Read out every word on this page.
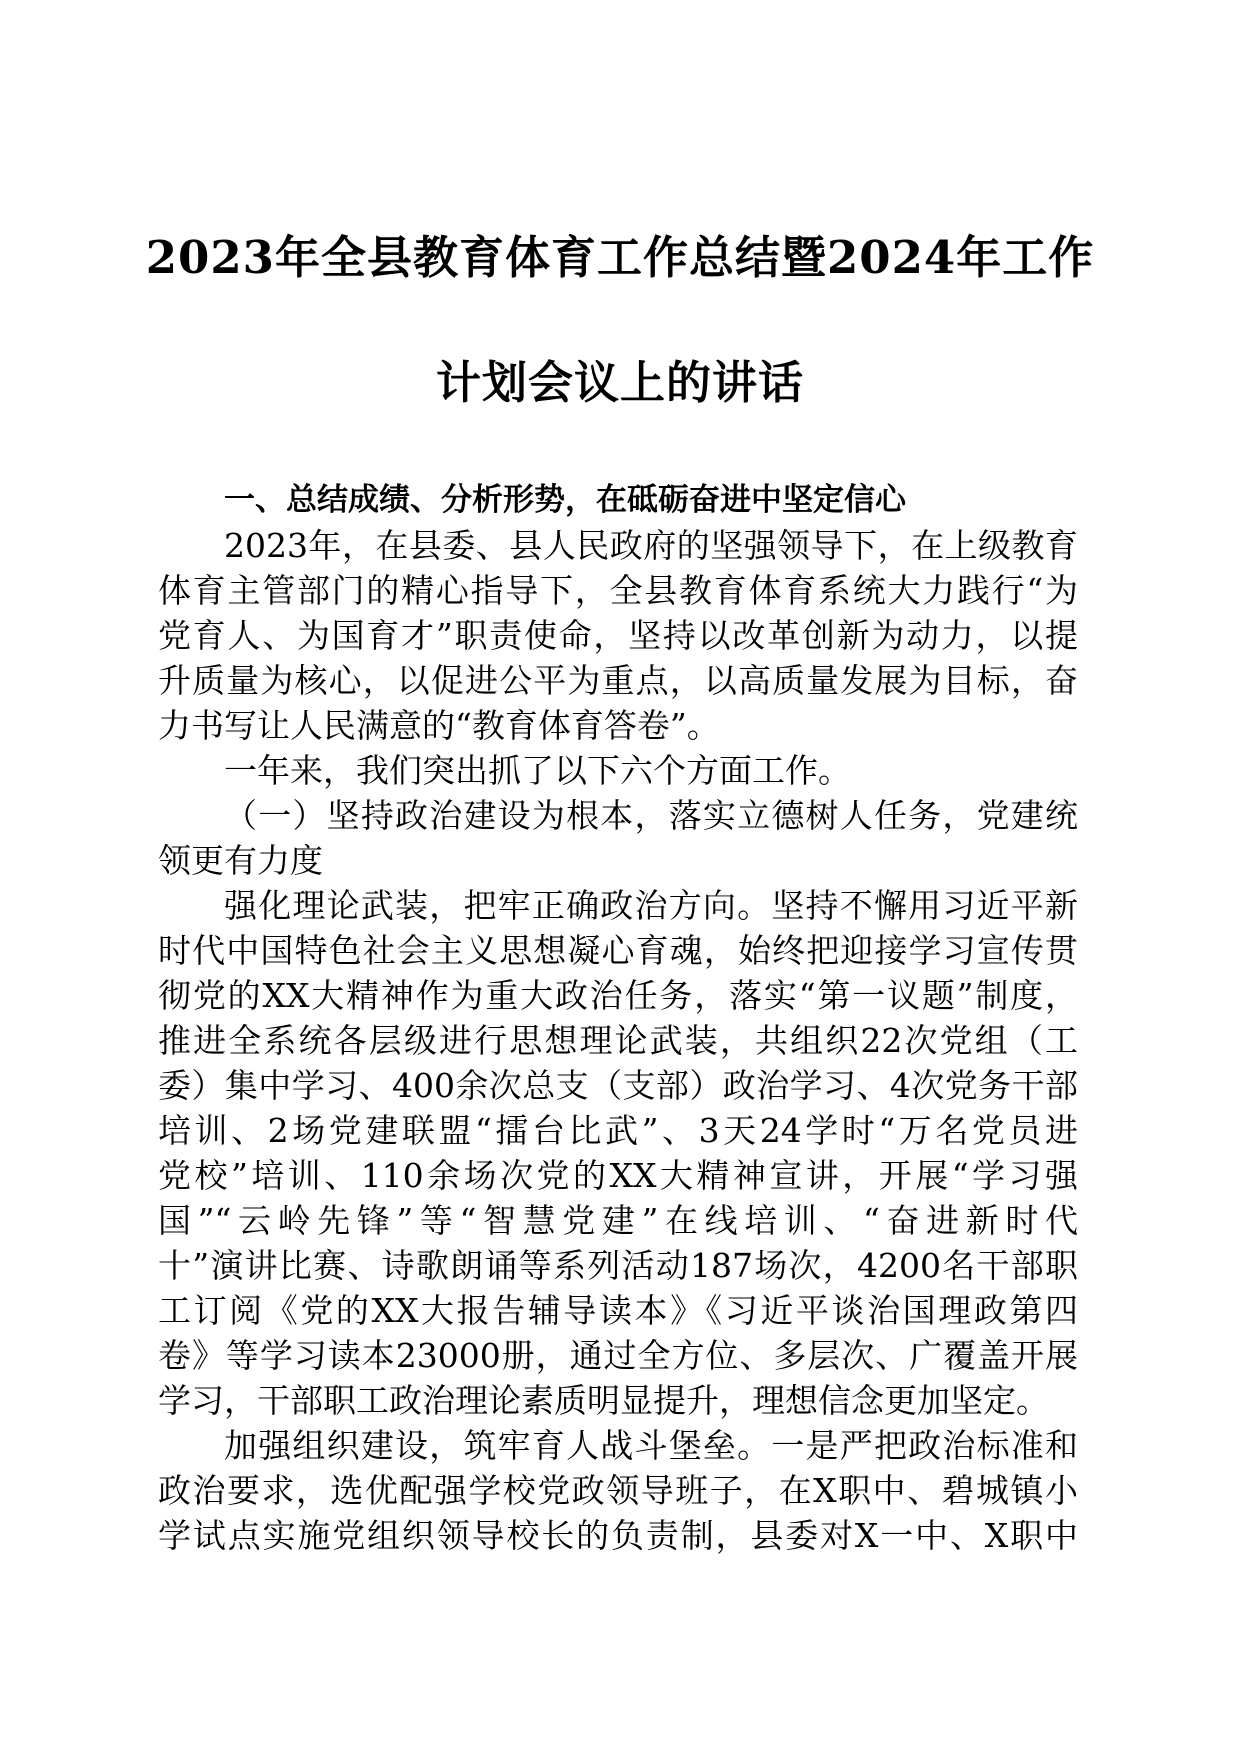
2023年全县教育体育工作总结暨2024年工作
计划会议上的讲话
一、总结成绩、分析形势，在砥砺奋进中坚定信心
2023年，在县委、县人民政府的坚强领导下，在上级教育
体育主管部门的精心指导下，全县教育体育系统大力践行“为
党育人、为国育才”职责使命，坚持以改革创新为动力，以提
升质量为核心，以促进公平为重点，以高质量发展为目标，奋
力书写让人民满意的“教育体育答卷”。
一年来，我们突出抓了以下六个方面工作。
（一）坚持政治建设为根本，落实立德树人任务，党建统
领更有力度
强化理论武装，把牢正确政治方向。坚持不懈用习近平新
时代中国特色社会主义思想凝心育魂，始终把迎接学习宣传贯
彻党的XX大精神作为重大政治任务，落实“第一议题”制度，
推进全系统各层级进行思想理论武装，共组织22次党组（工
委）集中学习、400余次总支（支部）政治学习、4次党务干部
培训、2场党建联盟“擂台比武”、3天24学时“万名党员进
党校”培训、110余场次党的XX大精神宣讲，开展“学习强
国”“云岭先锋”等“智慧党建”在线培训、“奋进新时代
十”演讲比赛、诗歌朗诵等系列活动187场次，4200名干部职
工订阅《党的XX大报告辅导读本》《习近平谈治国理政第四
卷》等学习读本23000册，通过全方位、多层次、广覆盖开展
学习，干部职工政治理论素质明显提升，理想信念更加坚定。
加强组织建设，筑牢育人战斗堡垒。一是严把政治标准和
政治要求，选优配强学校党政领导班子，在X职中、碧城镇小
学试点实施党组织领导校长的负责制，县委对X一中、X职中
